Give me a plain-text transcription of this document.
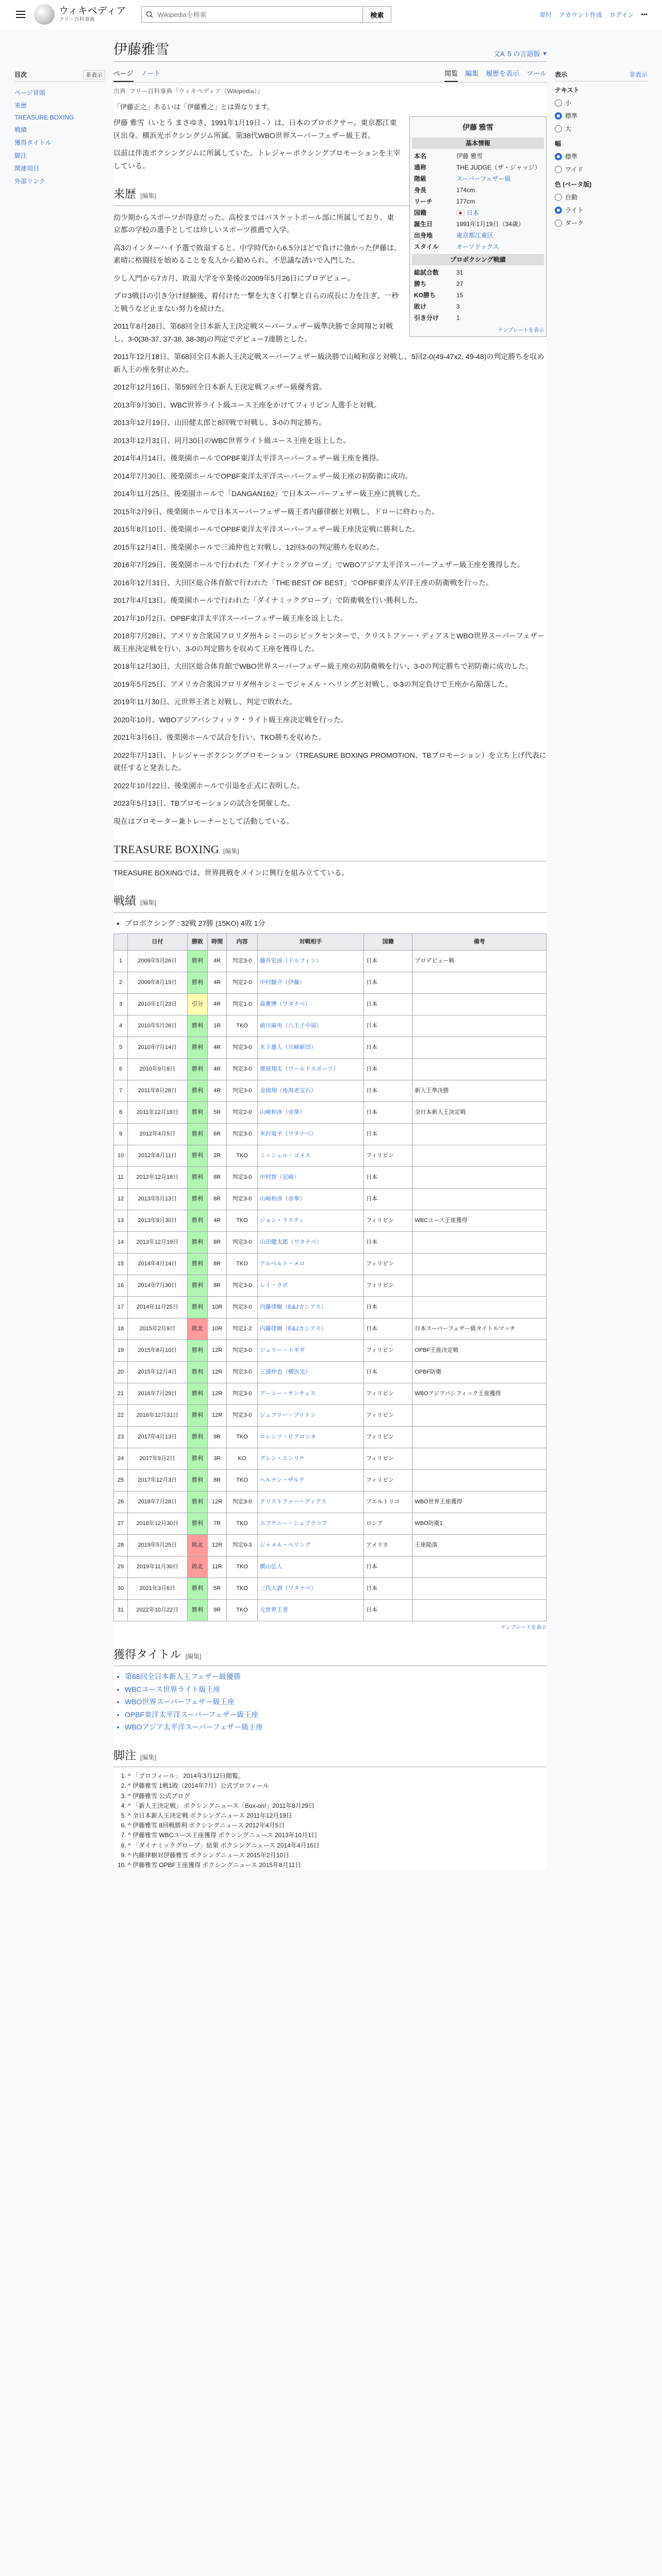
ウィキペディア
フリー百科事典
Wikipediaを検索
検索	寄付 アカウント作成 ログイン •••
目次	非表示
ページ冒頭
来歴
TREASURE BOXING
戦績
獲得タイトル
脚注
関連項目
外部リンク
伊藤雅雪	文A 5 の言語版 ▾
ページ ノート	閲覧 編集 履歴を表示 ツール
出典: フリー百科事典『ウィキペディア（Wikipedia）』
「伊藤正之」あるいは「伊藤雅之」とは異なります。
伊藤 雅雪
基本情報
本名	伊藤 雅雪
通称	THE JUDGE（ザ・ジャッジ）
階級	スーパーフェザー級
身長	174cm
リーチ	177cm
国籍	日本
誕生日	1991年1月19日（34歳）
出身地	東京都江東区
スタイル	オーソドックス
プロボクシング戦績
総試合数	31
勝ち	27
KO勝ち	15
敗け	3
引き分け	1
テンプレートを表示

伊藤 雅雪（いとう まさゆき、1991年1月19日 - ）は、日本のプロボクサー。東京都江東区出身。横浜光ボクシングジム所属。第38代WBO世界スーパーフェザー級王者。

以前は伴流ボクシングジムに所属していた。トレジャーボクシングプロモーションを主宰している。

来歴 [編集]

幼少期からスポーツが得意だった。高校まではバスケットボール部に所属しており、東京都の学校の選手としては珍しいスポーツ推薦で入学。

高3のインターハイ予選で敗退すると、中学時代から6.5分ほどで負けに強かった伊藤は、素晴に格闘技を始めることを友人から勧められ、不思議な誘いで入門した。

少し入門から7カ月、敗退大学を卒業後の2009年5月26日にプロデビュー。

プロ3戦目の引き分け経験後、着付けた一撃を大きく打撃と自らの成長に力を注ぎ、一秒と戦うなど止まない努力を続けた。

2011年8月28日、第68回全日本新人王決定戦スーパーフェザー級準決勝で金岡翔と対戦し、3-0(38-37, 37-38, 38-38)の判定でデビュー7連勝とした。

2011年12月18日、第68回全日本新人王決定戦スーパーフェザー級決勝で山崎和彦と対戦し、5回2-0(49-47x2, 49-48)の判定勝ちを収め新人王の座を射止めた。

2012年12月16日、第59回全日本新人王決定戦フェザー級優秀賞。

2013年9月30日、WBC世界ライト級ユース王座をかけてフィリピン人選手と対戦。

2013年12月19日、山田健太郎と8回戦で対戦し、3-0の判定勝ち。

2013年12月31日、同月30日のWBC世界ライト級ユース王座を返上した。

2014年4月14日、後楽園ホールでOPBF東洋太平洋スーパーフェザー級王座を獲得。

2014年7月30日、後楽園ホールでOPBF東洋太平洋スーパーフェザー級王座の初防衛に成功。

2014年11月25日、後楽園ホールで「DANGAN162」で日本スーパーフェザー級王座に挑戦した。

2015年2月9日、後楽園ホールで日本スーパーフェザー級王者内藤律樹と対戦し、ドローに終わった。

2015年8月10日、後楽園ホールでOPBF東洋太平洋スーパーフェザー級王座決定戦に勝利した。

2015年12月4日、後楽園ホールで三浦仲也と対戦し、12回3-0の判定勝ちを収めた。

2016年7月29日、後楽園ホールで行われた「ダイナミックグローブ」でWBOアジア太平洋スーパーフェザー級王座を獲得した。

2016年12月31日、大田区総合体育館で行われた「THE BEST OF BEST」でOPBF東洋太平洋王座の防衛戦を行った。

2017年4月13日、後楽園ホールで行われた「ダイナミックグローブ」で防衛戦を行い勝利した。

2017年10月2日、OPBF東洋太平洋スーパーフェザー級王座を返上した。

2018年7月28日、アメリカ合衆国フロリダ州キシミーのシビックセンターで、クリストファー・ディアスとWBO世界スーパーフェザー級王座決定戦を行い、3-0の判定勝ちを収めて王座を獲得した。

2018年12月30日、大田区総合体育館でWBO世界スーパーフェザー級王座の初防衛戦を行い、3-0の判定勝ちで初防衛に成功した。

2019年5月25日、アメリカ合衆国フロリダ州キシミーでジャメル・ヘリングと対戦し、0-3の判定負けで王座から陥落した。

2019年11月30日、元世界王者と対戦し、判定で敗れた。

2020年10月、WBOアジアパシフィック・ライト級王座決定戦を行った。

2021年3月6日、後楽園ホールで試合を行い、TKO勝ちを収めた。

2022年7月13日、トレジャーボクシングプロモーション（TREASURE BOXING PROMOTION、TBプロモーション）を立ち上げ代表に就任すると発表した。

2022年10月22日、後楽園ホールで引退を正式に表明した。

2023年5月13日、TBプロモーションの試合を開催した。

現在はプロモーター兼トレーナーとして活動している。

TREASURE BOXING [編集]

TREASURE BOXINGでは、世界挑戦をメインに興行を組み立てている。

戦績 [編集]
• プロボクシング : 32戦 27勝 (15KO) 4敗 1分
	日付	勝敗	時間	内容	対戦相手	国籍	備考
1	2009年5月26日	勝利	4R	判定3-0	藤井宏成（ドルフィン）	日本	プロデビュー戦
2	2009年8月19日	勝利	4R	判定2-0	中村駿介（伊藤）	日本	
3	2010年1月23日	引分	4R	判定1-0	森雅博（ワタナベ）	日本	
4	2010年5月26日	勝利	1R	TKO	前川麻央（八王子中屋）	日本	
5	2010年7月14日	勝利	4R	判定3-0	木下雄人（川崎新田）	日本	
6	2010年9月8日	勝利	4R	判定3-0	栗原翔太（ワールドスポーツ）	日本	
7	2011年8月28日	勝利	4R	判定3-0	金岡翔（角海老宝石）	日本	新人王準決勝
8	2011年12月18日	勝利	5R	判定2-0	山崎和彦（帝拳）	日本	全日本新人王決定戦
9	2012年4月5日	勝利	6R	判定3-0	米沢竜平（ワタナベ）	日本	
10	2012年8月11日	勝利	2R	TKO	ミッシェル・ゴメス	フィリピン	
11	2012年12月16日	勝利	8R	判定3-0	中村智（尼崎）	日本	
12	2013年5月13日	勝利	8R	判定3-0	山崎和彦（帝拳）	日本	
13	2013年9月30日	勝利	4R	TKO	ジョン・ラスティ	フィリピン	WBCユース王座獲得
14	2013年12月19日	勝利	8R	判定3-0	山田健太郎（ワタナベ）	日本	
15	2014年4月14日	勝利	8R	TKO	アルベルト・メロ	フィリピン	
16	2014年7月30日	勝利	8R	判定3-0	レイ・ラボ	フィリピン	
17	2014年11月25日	勝利	10R	判定3-0	内藤律樹（E&Jカシアス）	日本	
18	2015年2月9日	敗北	10R	判定1-2	内藤律樹（E&Jカシアス）	日本	日本スーパーフェザー級タイトルマッチ
19	2015年8月10日	勝利	12R	判定3-0	ジュリー・ドギダ	フィリピン	OPBF王座決定戦
20	2015年12月4日	勝利	12R	判定3-0	三浦仲也（横浜光）	日本	OPBF防衛
21	2016年7月29日	勝利	12R	判定3-0	アーニー・サンチェス	フィリピン	WBOアジアパシフィック王座獲得
22	2016年12月31日	勝利	12R	判定3-0	ジェフリー・ブリトン	フィリピン	
23	2017年4月13日	勝利	9R	TKO	ロレンツ・ピアロンキ	フィリピン	
24	2017年9月2日	勝利	3R	KO	グレン・エンリケ	フィリピン	
25	2017年12月3日	勝利	8R	TKO	ヘルナン・ザルテ	フィリピン	
26	2018年7月28日	勝利	12R	判定3-0	クリストファー・ディアス	プエルトリコ	WBO世界王座獲得
27	2018年12月30日	勝利	7R	TKO	エフゲニー・シュプラコフ	ロシア	WBO防衛1
28	2019年5月25日	敗北	12R	判定0-3	ジャメル・ヘリング	アメリカ	王座陥落
29	2019年11月30日	敗北	11R	TKO	横山弘人	日本	
30	2021年3月6日	勝利	5R	TKO	三代大訓（ワタナベ）	日本	
31	2022年10月22日	勝利	9R	TKO	元世界王者	日本	
テンプレートを表示
獲得タイトル [編集]
• 第68回全日本新人王フェザー級優勝
• WBCユース世界ライト級王座
• WBO世界スーパーフェザー級王座
• OPBF東洋太平洋スーパーフェザー級王座
• WBOアジア太平洋スーパーフェザー級王座
脚注 [編集]
1. ^ 「プロフィール」 2014年3月12日閲覧。
2. ^ 伊藤雅雪 1戦1敗（2014年7月）公式プロフィール
3. ^ 伊藤雅雪 公式ブログ
4. ^ 「新人王決定戦」 ボクシングニュース「Box-on!」2011年8月29日
5. ^ 全日本新人王決定戦 ボクシングニュース 2011年12月19日
6. ^ 伊藤雅雪 8回戦勝利 ボクシングニュース 2012年4月5日
7. ^ 伊藤雅雪 WBCユース王座獲得 ボクシングニュース 2013年10月1日
8. ^ 「ダイナミックグローブ」結果 ボクシングニュース 2014年4月15日
9. ^ 内藤律樹対伊藤雅雪 ボクシングニュース 2015年2月10日
10. ^ 伊藤雅雪 OPBF王座獲得 ボクシングニュース 2015年8月11日
表示	非表示
テキスト
小
標準
大
幅
標準
ワイド
色 (ベータ版)
自動
ライト
ダーク
